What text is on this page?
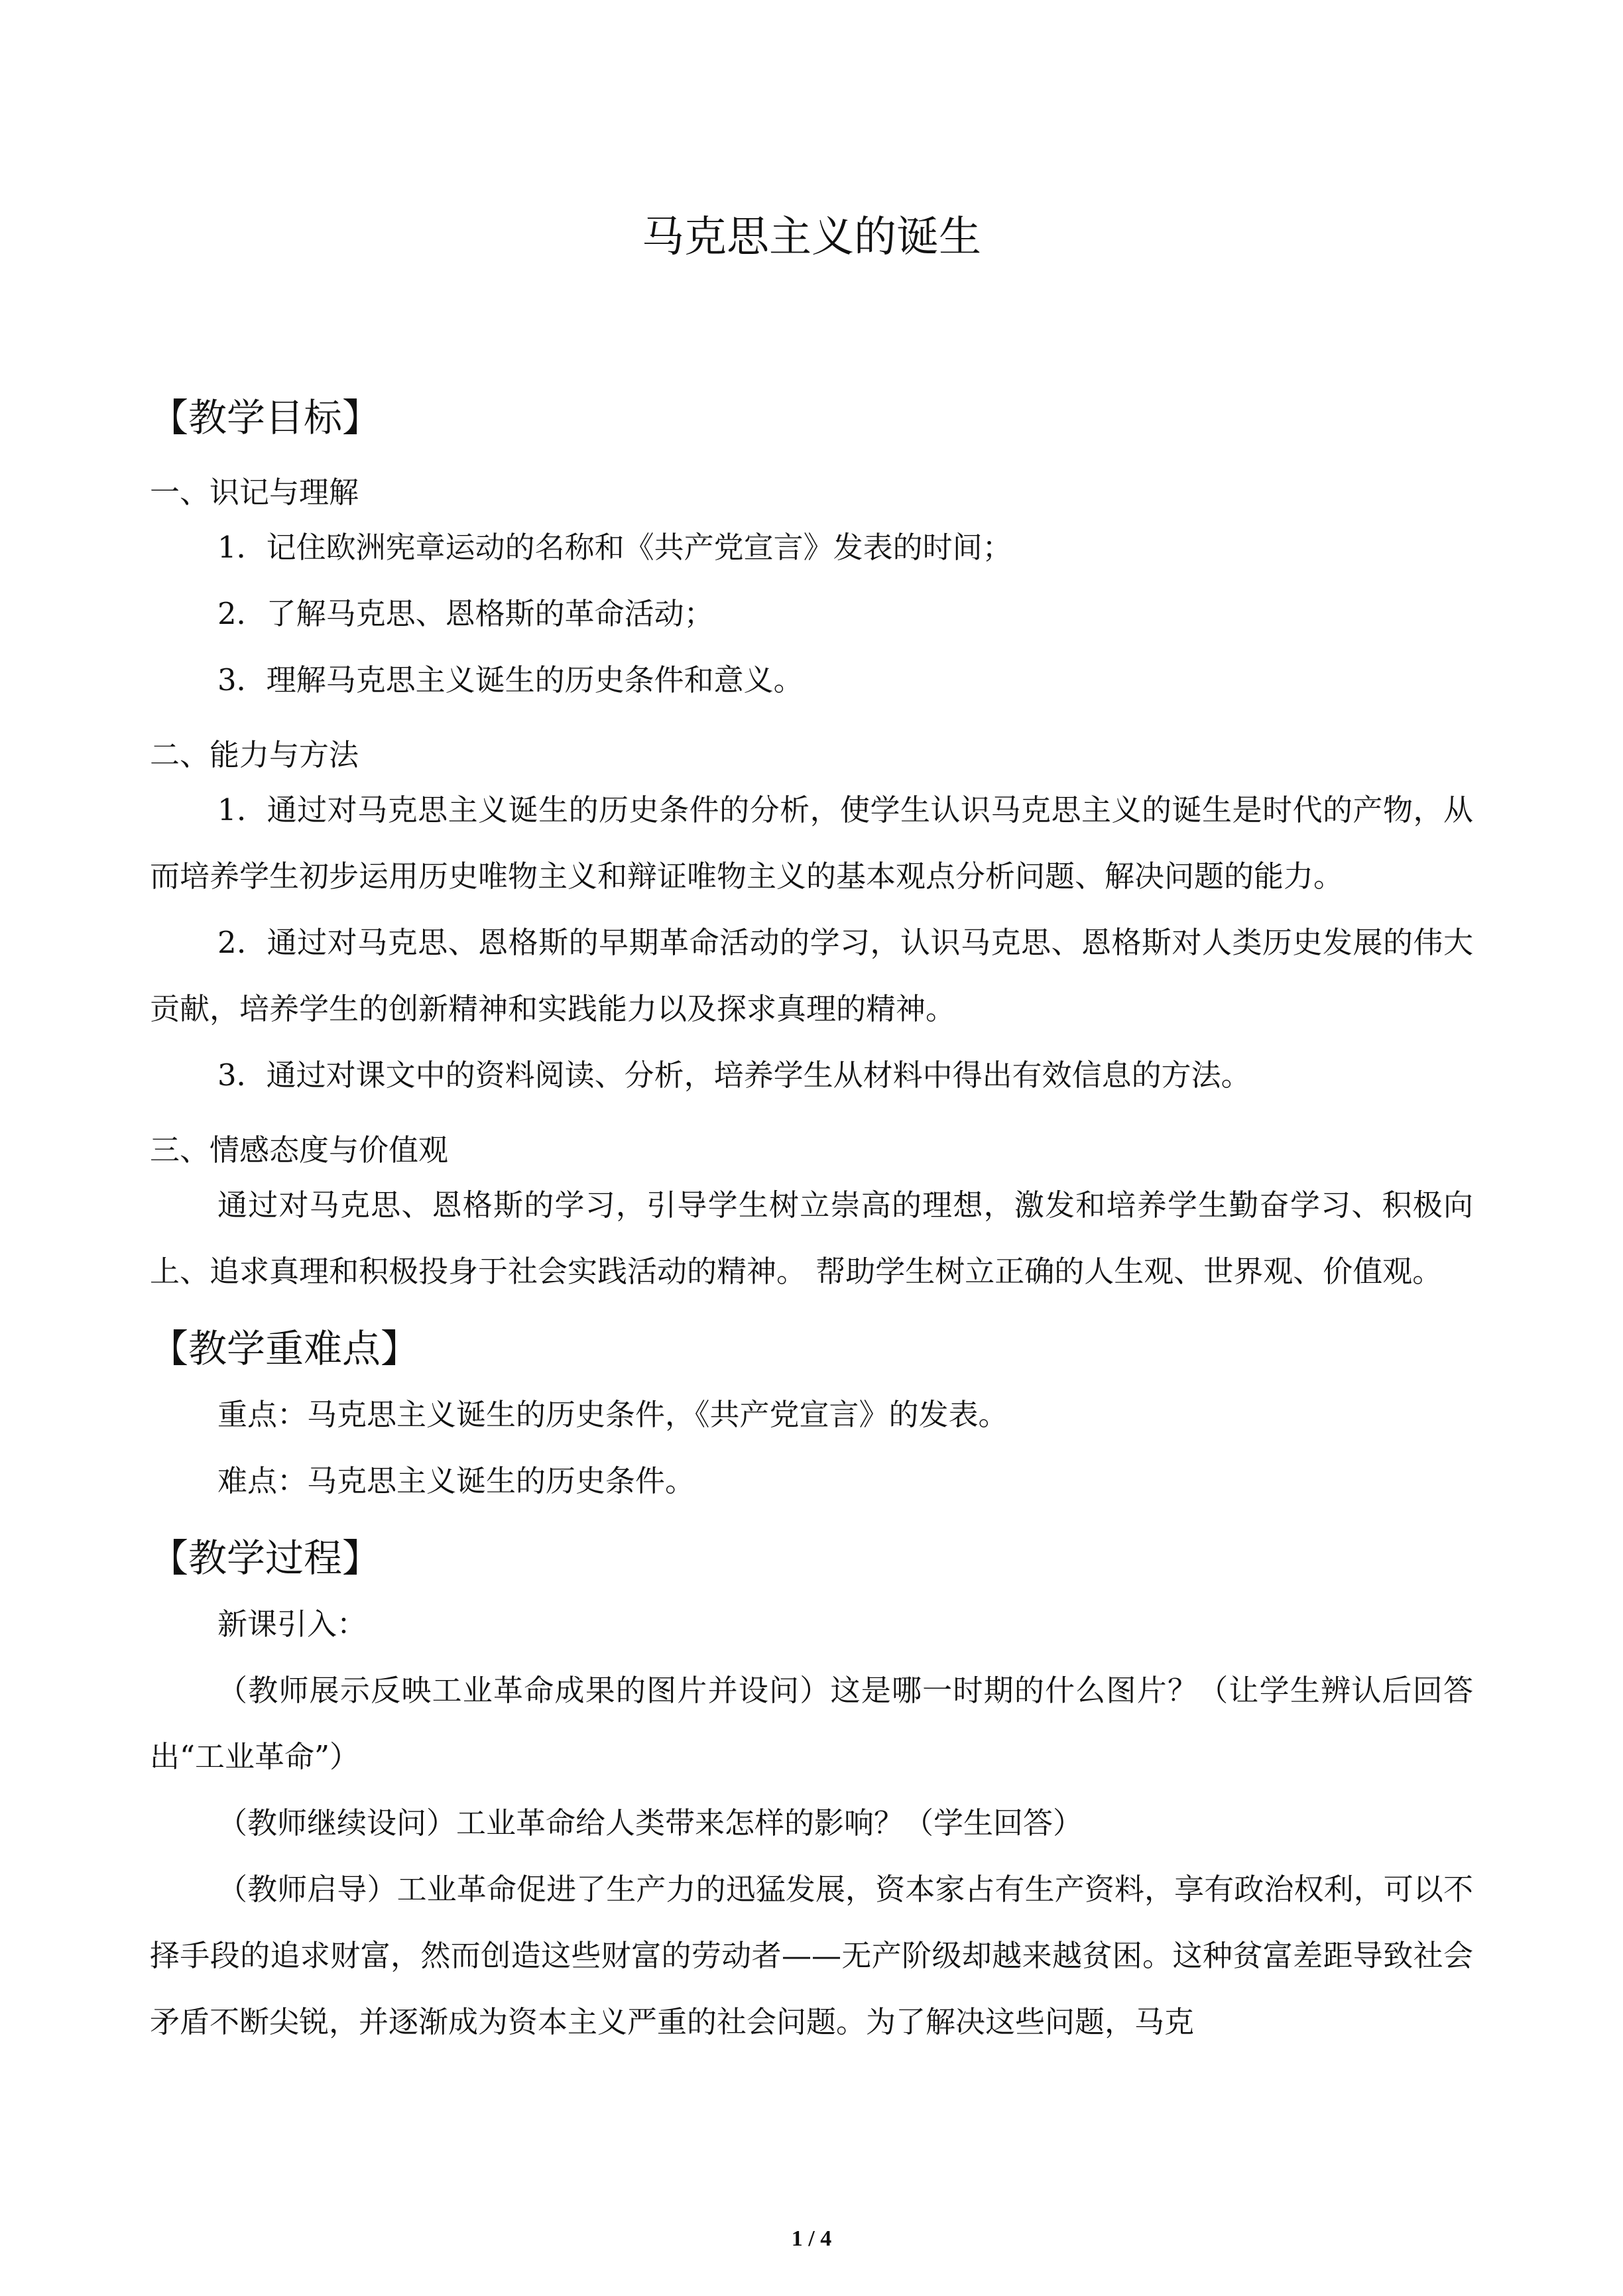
马克思主义的诞生
【教学目标】
一、识记与理解

1．记住欧洲宪章运动的名称和《共产党宣言》发表的时间；

2．了解马克思、恩格斯的革命活动；

3．理解马克思主义诞生的历史条件和意义。

二、能力与方法

1．通过对马克思主义诞生的历史条件的分析，使学生认识马克思主义的诞生是时代的产物，从而培养学生初步运用历史唯物主义和辩证唯物主义的基本观点分析问题、解决问题的能力。

2．通过对马克思、恩格斯的早期革命活动的学习，认识马克思、恩格斯对人类历史发展的伟大贡献，培养学生的创新精神和实践能力以及探求真理的精神。

3．通过对课文中的资料阅读、分析，培养学生从材料中得出有效信息的方法。

三、情感态度与价值观

通过对马克思、恩格斯的学习，引导学生树立崇高的理想，激发和培养学生勤奋学习、积极向上、追求真理和积极投身于社会实践活动的精神。 帮助学生树立正确的人生观、世界观、价值观。

【教学重难点】

重点：马克思主义诞生的历史条件，《共产党宣言》的发表。

难点：马克思主义诞生的历史条件。

【教学过程】

新课引入：

（教师展示反映工业革命成果的图片并设问）这是哪一时期的什么图片？（让学生辨认后回答出“工业革命”）

（教师继续设问）工业革命给人类带来怎样的影响？（学生回答）

（教师启导）工业革命促进了生产力的迅猛发展，资本家占有生产资料，享有政治权利，可以不择手段的追求财富，然而创造这些财富的劳动者——无产阶级却越来越贫困。这种贫富差距导致社会矛盾不断尖锐，并逐渐成为资本主义严重的社会问题。为了解决这些问题，马克

1 / 4
